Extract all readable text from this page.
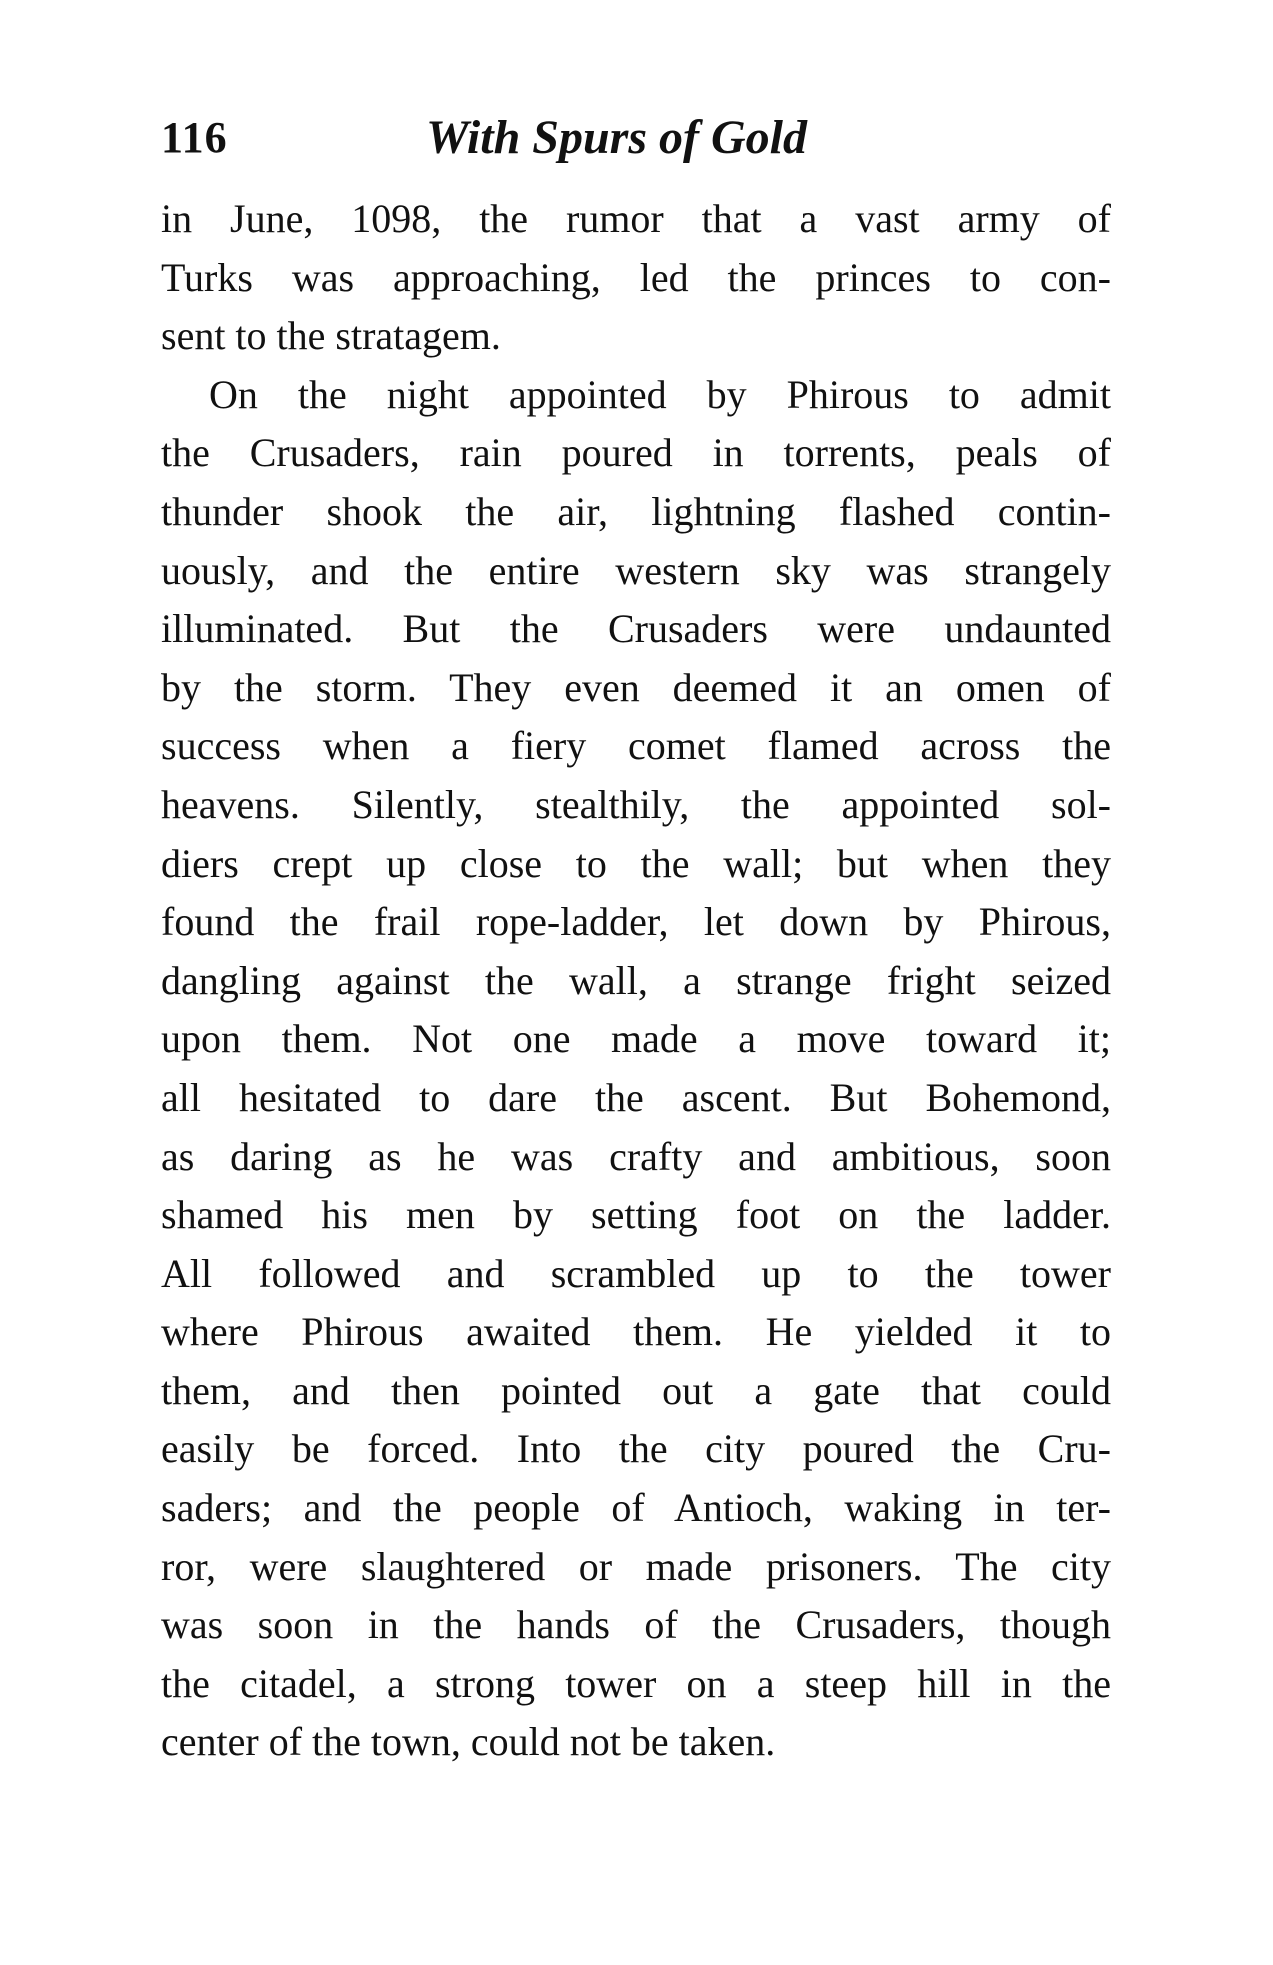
116	With Spurs of Gold
in June, 1098, the rumor that a vast army of
Turks was approaching, led the princes to con-
sent to the stratagem.
On the night appointed by Phirous to admit
the Crusaders, rain poured in torrents, peals of
thunder shook the air, lightning flashed contin-
uously, and the entire western sky was strangely
illuminated. But the Crusaders were undaunted
by the storm. They even deemed it an omen of
success when a fiery comet flamed across the
heavens. Silently, stealthily, the appointed sol-
diers crept up close to the wall; but when they
found the frail rope-ladder, let down by Phirous,
dangling against the wall, a strange fright seized
upon them. Not one made a move toward it;
all hesitated to dare the ascent. But Bohemond,
as daring as he was crafty and ambitious, soon
shamed his men by setting foot on the ladder.
All followed and scrambled up to the tower
where Phirous awaited them. He yielded it to
them, and then pointed out a gate that could
easily be forced. Into the city poured the Cru-
saders; and the people of Antioch, waking in ter-
ror, were slaughtered or made prisoners. The city
was soon in the hands of the Crusaders, though
the citadel, a strong tower on a steep hill in the
center of the town, could not be taken.
